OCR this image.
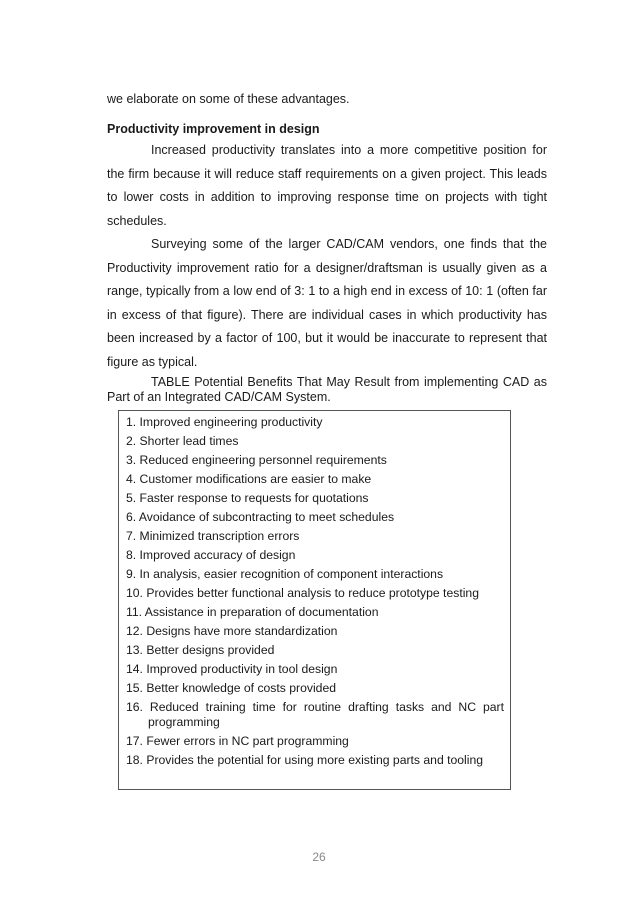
we elaborate on some of these advantages.
Productivity improvement in design

Increased productivity translates into a more competitive position for the firm because it will reduce staff requirements on a given project. This leads to lower costs in addition to improving response time on projects with tight schedules.

Surveying some of the larger CAD/CAM vendors, one finds that the Productivity improvement ratio for a designer/draftsman is usually given as a range, typically from a low end of 3: 1 to a high end in excess of 10: 1 (often far in excess of that figure). There are individual cases in which productivity has been increased by a factor of 100, but it would be inaccurate to represent that figure as typical.

TABLE Potential Benefits That May Result from implementing CAD as Part of an Integrated CAD/CAM System.

1. Improved engineering productivity
2. Shorter lead times
3. Reduced engineering personnel requirements
4. Customer modifications are easier to make
5. Faster response to requests for quotations
6. Avoidance of subcontracting to meet schedules
7. Minimized transcription errors
8. Improved accuracy of design
9. In analysis, easier recognition of component interactions
10. Provides better functional analysis to reduce prototype testing
11. Assistance in preparation of documentation
12. Designs have more standardization
13. Better designs provided
14. Improved productivity in tool design
15. Better knowledge of costs provided
16. Reduced training time for routine drafting tasks and NC part programming
17. Fewer errors in NC part programming
18. Provides the potential for using more existing parts and tooling
26
